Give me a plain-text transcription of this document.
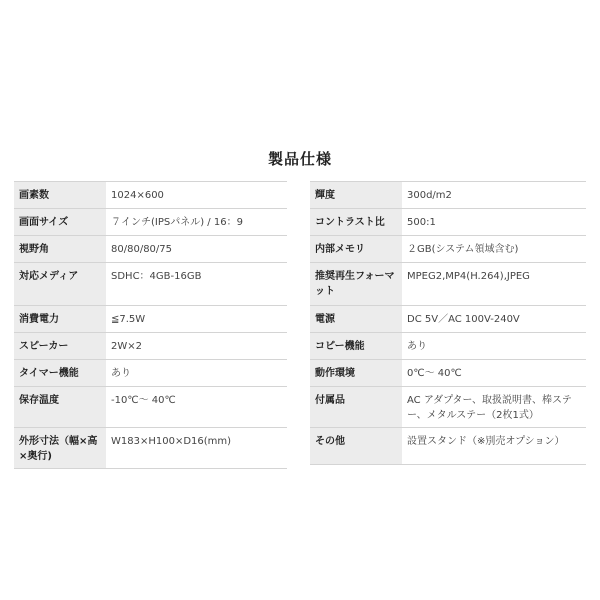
製品仕様
画素数	1024×600
画面サイズ	７インチ(IPSパネル) / 16：9
視野角	80/80/80/75
対応メディア	SDHC：4GB-16GB
消費電力	≦7.5W
スピーカー	2W×2
タイマー機能	あり
保存温度	-10℃～ 40℃
外形寸法（幅×高×奥行)	W183×H100×D16(mm)
輝度	300d/m2
コントラスト比	500:1
内部メモリ	２GB(システム領域含む)
推奨再生フォーマット	MPEG2,MP4(H.264),JPEG
電源	DC 5V／AC 100V-240V
コピー機能	あり
動作環境	0℃～ 40℃
付属品	AC アダプター、取扱説明書、棒ステー、メタルステー（2枚1式）
その他	設置スタンド（※別売オプション）
